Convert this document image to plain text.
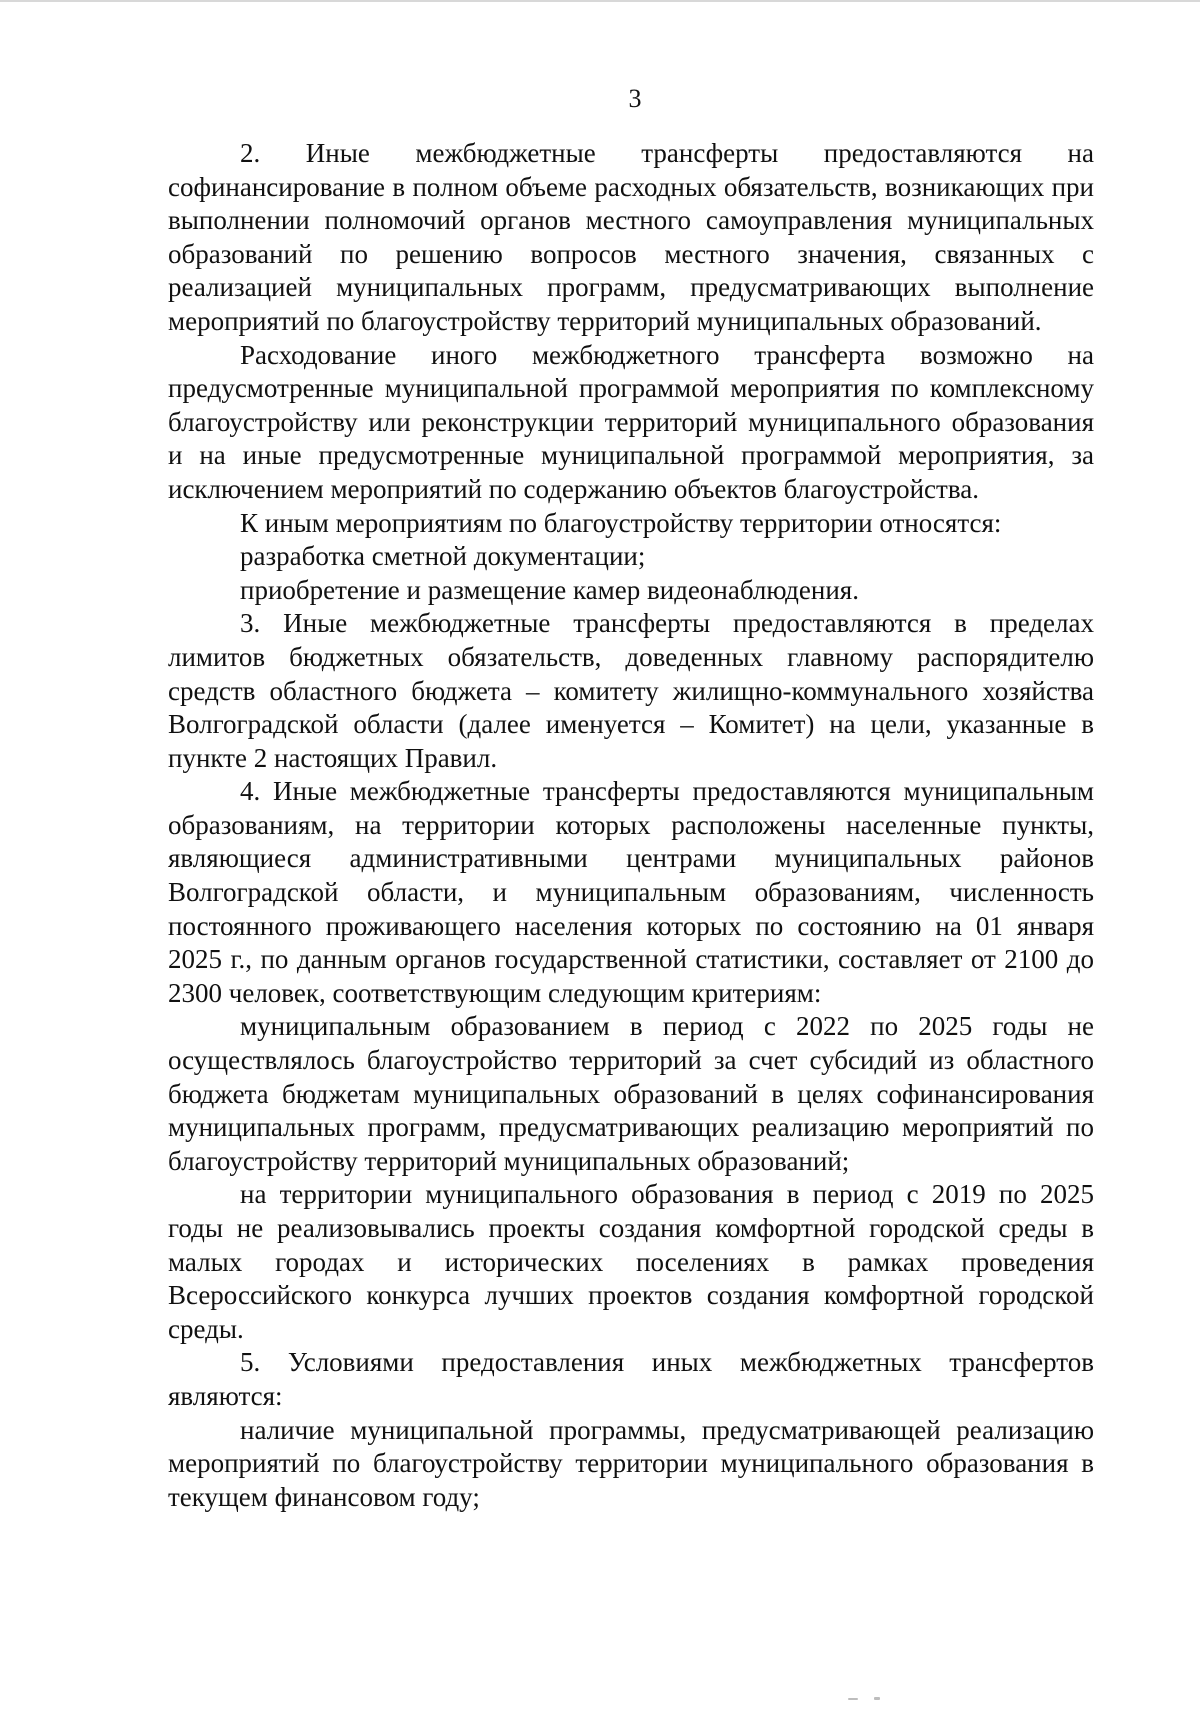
3

2. Иные межбюджетные трансферты предоставляются на софинансирование в полном объеме расходных обязательств, возникающих при выполнении полномочий органов местного самоуправления муниципальных образований по решению вопросов местного значения, связанных с реализацией муниципальных программ, предусматривающих выполнение мероприятий по благоустройству территорий муниципальных образований.

Расходование иного межбюджетного трансферта возможно на предусмотренные муниципальной программой мероприятия по комплексному благоустройству или реконструкции территорий муниципального образования и на иные предусмотренные муниципальной программой мероприятия, за исключением мероприятий по содержанию объектов благоустройства.

К иным мероприятиям по благоустройству территории относятся:

разработка сметной документации;

приобретение и размещение камер видеонаблюдения.

3. Иные межбюджетные трансферты предоставляются в пределах лимитов бюджетных обязательств, доведенных главному распорядителю средств областного бюджета – комитету жилищно-коммунального хозяйства Волгоградской области (далее именуется – Комитет) на цели, указанные в пункте 2 настоящих Правил.

4. Иные межбюджетные трансферты предоставляются муниципальным образованиям, на территории которых расположены населенные пункты, являющиеся административными центрами муниципальных районов Волгоградской области, и муниципальным образованиям, численность постоянного проживающего населения которых по состоянию на 01 января 2025 г., по данным органов государственной статистики, составляет от 2100 до 2300 человек, соответствующим следующим критериям:

муниципальным образованием в период с 2022 по 2025 годы не осуществлялось благоустройство территорий за счет субсидий из областного бюджета бюджетам муниципальных образований в целях софинансирования муниципальных программ, предусматривающих реализацию мероприятий по благоустройству территорий муниципальных образований;

на территории муниципального образования в период с 2019 по 2025 годы не реализовывались проекты создания комфортной городской среды в малых городах и исторических поселениях в рамках проведения Всероссийского конкурса лучших проектов создания комфортной городской среды.

5. Условиями предоставления иных межбюджетных трансфертов являются:

наличие муниципальной программы, предусматривающей реализацию мероприятий по благоустройству территории муниципального образования в текущем финансовом году;
